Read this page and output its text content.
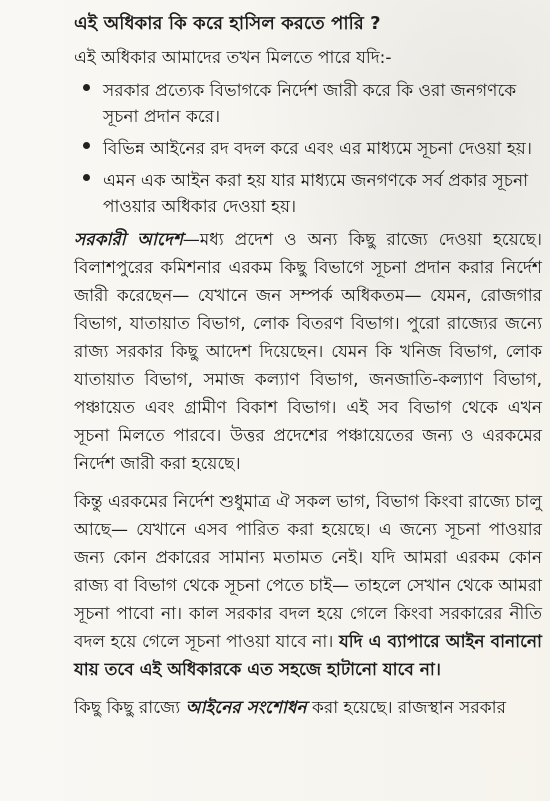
এই অধিকার কি করে হাসিল করতে পারি ?
এই অধিকার আমাদের তখন মিলতে পারে যদি:-
সরকার প্রত্যেক বিভাগকে নির্দেশ জারী করে কি ওরা জনগণকে সূচনা প্রদান করে।
বিভিন্ন আইনের রদ বদল করে এবং এর মাধ্যমে সূচনা দেওয়া হয়।
এমন এক আইন করা হয় যার মাধ্যমে জনগণকে সর্ব প্রকার সূচনা পাওয়ার অধিকার দেওয়া হয়।

সরকারী আদেশ—মধ্য প্রদেশ ও অন্য কিছু রাজ্যে দেওয়া হয়েছে। বিলাশপুরের কমিশনার এরকম কিছু বিভাগে সূচনা প্রদান করার নির্দেশ জারী করেছেন— যেখানে জন সম্পর্ক অধিকতম— যেমন, রোজগার বিভাগ, যাতায়াত বিভাগ, লোক বিতরণ বিভাগ। পুরো রাজ্যের জন্যে রাজ্য সরকার কিছু আদেশ দিয়েছেন। যেমন কি খনিজ বিভাগ, লোক যাতায়াত বিভাগ, সমাজ কল্যাণ বিভাগ, জনজাতি-কল্যাণ বিভাগ, পঞ্চায়েত এবং গ্রামীণ বিকাশ বিভাগ। এই সব বিভাগ থেকে এখন সূচনা মিলতে পারবে। উত্তর প্রদেশের পঞ্চায়েতের জন্য ও এরকমের নির্দেশ জারী করা হয়েছে।

কিন্তু এরকমের নির্দেশ শুধুমাত্র ঐ সকল ভাগ, বিভাগ কিংবা রাজ্যে চালু আছে— যেখানে এসব পারিত করা হয়েছে। এ জন্যে সূচনা পাওয়ার জন্য কোন প্রকারের সামান্য মতামত নেই। যদি আমরা এরকম কোন রাজ্য বা বিভাগ থেকে সূচনা পেতে চাই— তাহলে সেখান থেকে আমরা সূচনা পাবো না। কাল সরকার বদল হয়ে গেলে কিংবা সরকারের নীতি বদল হয়ে গেলে সূচনা পাওয়া যাবে না। যদি এ ব্যাপারে আইন বানানো যায় তবে এই অধিকারকে এত সহজে হাটানো যাবে না।

কিছু কিছু রাজ্যে আইনের সংশোধন করা হয়েছে। রাজস্থান সরকার
